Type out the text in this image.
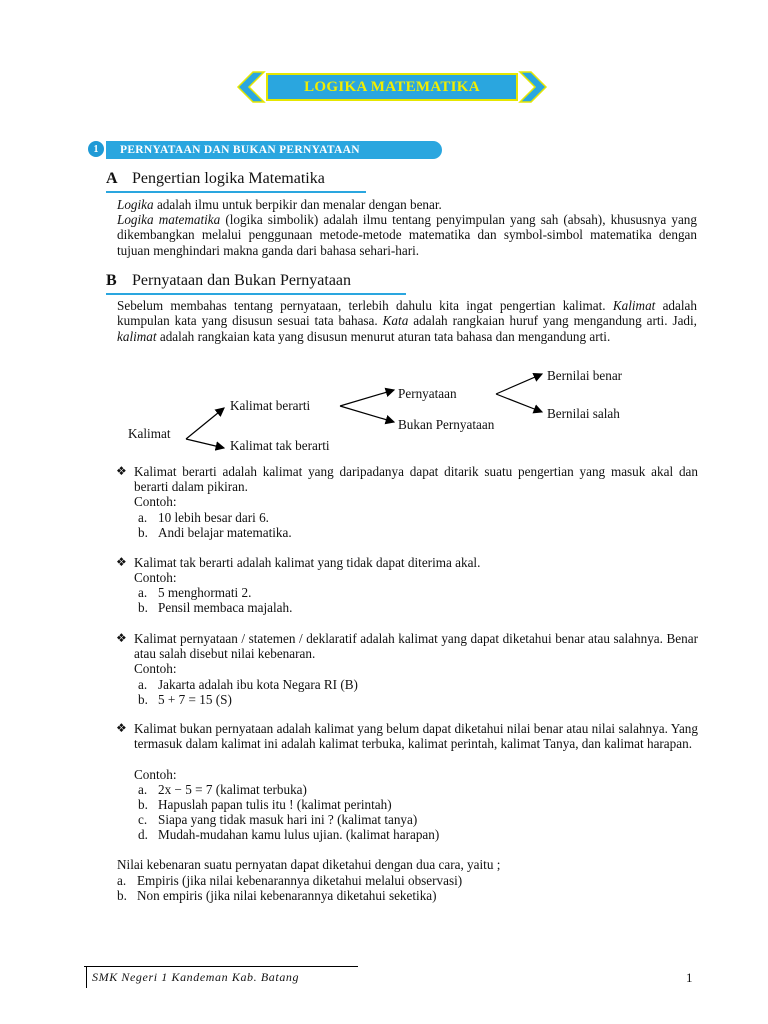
LOGIKA MATEMATIKA
1	PERNYATAAN DAN BUKAN PERNYATAAN
A Pengertian logika Matematika
Logika adalah ilmu untuk berpikir dan menalar dengan benar.
Logika matematika (logika simbolik) adalah ilmu tentang penyimpulan yang sah (absah), khususnya yang dikembangkan melalui penggunaan metode-metode matematika dan symbol-simbol matematika dengan tujuan menghindari makna ganda dari bahasa sehari-hari.
B Pernyataan dan Bukan Pernyataan
Sebelum membahas tentang pernyataan, terlebih dahulu kita ingat pengertian kalimat. Kalimat adalah kumpulan kata yang disusun sesuai tata bahasa. Kata adalah rangkaian huruf yang mengandung arti. Jadi, kalimat adalah rangkaian kata yang disusun menurut aturan tata bahasa dan mengandung arti.
Kalimat
Kalimat berarti
Kalimat tak berarti
Pernyataan
Bukan Pernyataan
Bernilai benar
Bernilai salah
❖ Kalimat berarti adalah kalimat yang daripadanya dapat ditarik suatu pengertian yang masuk akal dan berarti dalam pikiran.
Contoh:
a. 10 lebih besar dari 6.
b. Andi belajar matematika.
❖ Kalimat tak berarti adalah kalimat yang tidak dapat diterima akal.
Contoh:
a. 5 menghormati 2.
b. Pensil membaca majalah.
❖ Kalimat pernyataan / statemen / deklaratif adalah kalimat yang dapat diketahui benar atau salahnya. Benar atau salah disebut nilai kebenaran.
Contoh:
a. Jakarta adalah ibu kota Negara RI (B)
b. 5 + 7 = 15 (S)
❖ Kalimat bukan pernyataan adalah kalimat yang belum dapat diketahui nilai benar atau nilai salahnya. Yang termasuk dalam kalimat ini adalah kalimat terbuka, kalimat perintah, kalimat Tanya, dan kalimat harapan.
Contoh:
a. 2x − 5 = 7 (kalimat terbuka)
b. Hapuslah papan tulis itu ! (kalimat perintah)
c. Siapa yang tidak masuk hari ini ? (kalimat tanya)
d. Mudah-mudahan kamu lulus ujian. (kalimat harapan)
Nilai kebenaran suatu pernyatan dapat diketahui dengan dua cara, yaitu ;
a. Empiris (jika nilai kebenarannya diketahui melalui observasi)
b. Non empiris (jika nilai kebenarannya diketahui seketika)
SMK Negeri 1 Kandeman Kab. Batang	1
